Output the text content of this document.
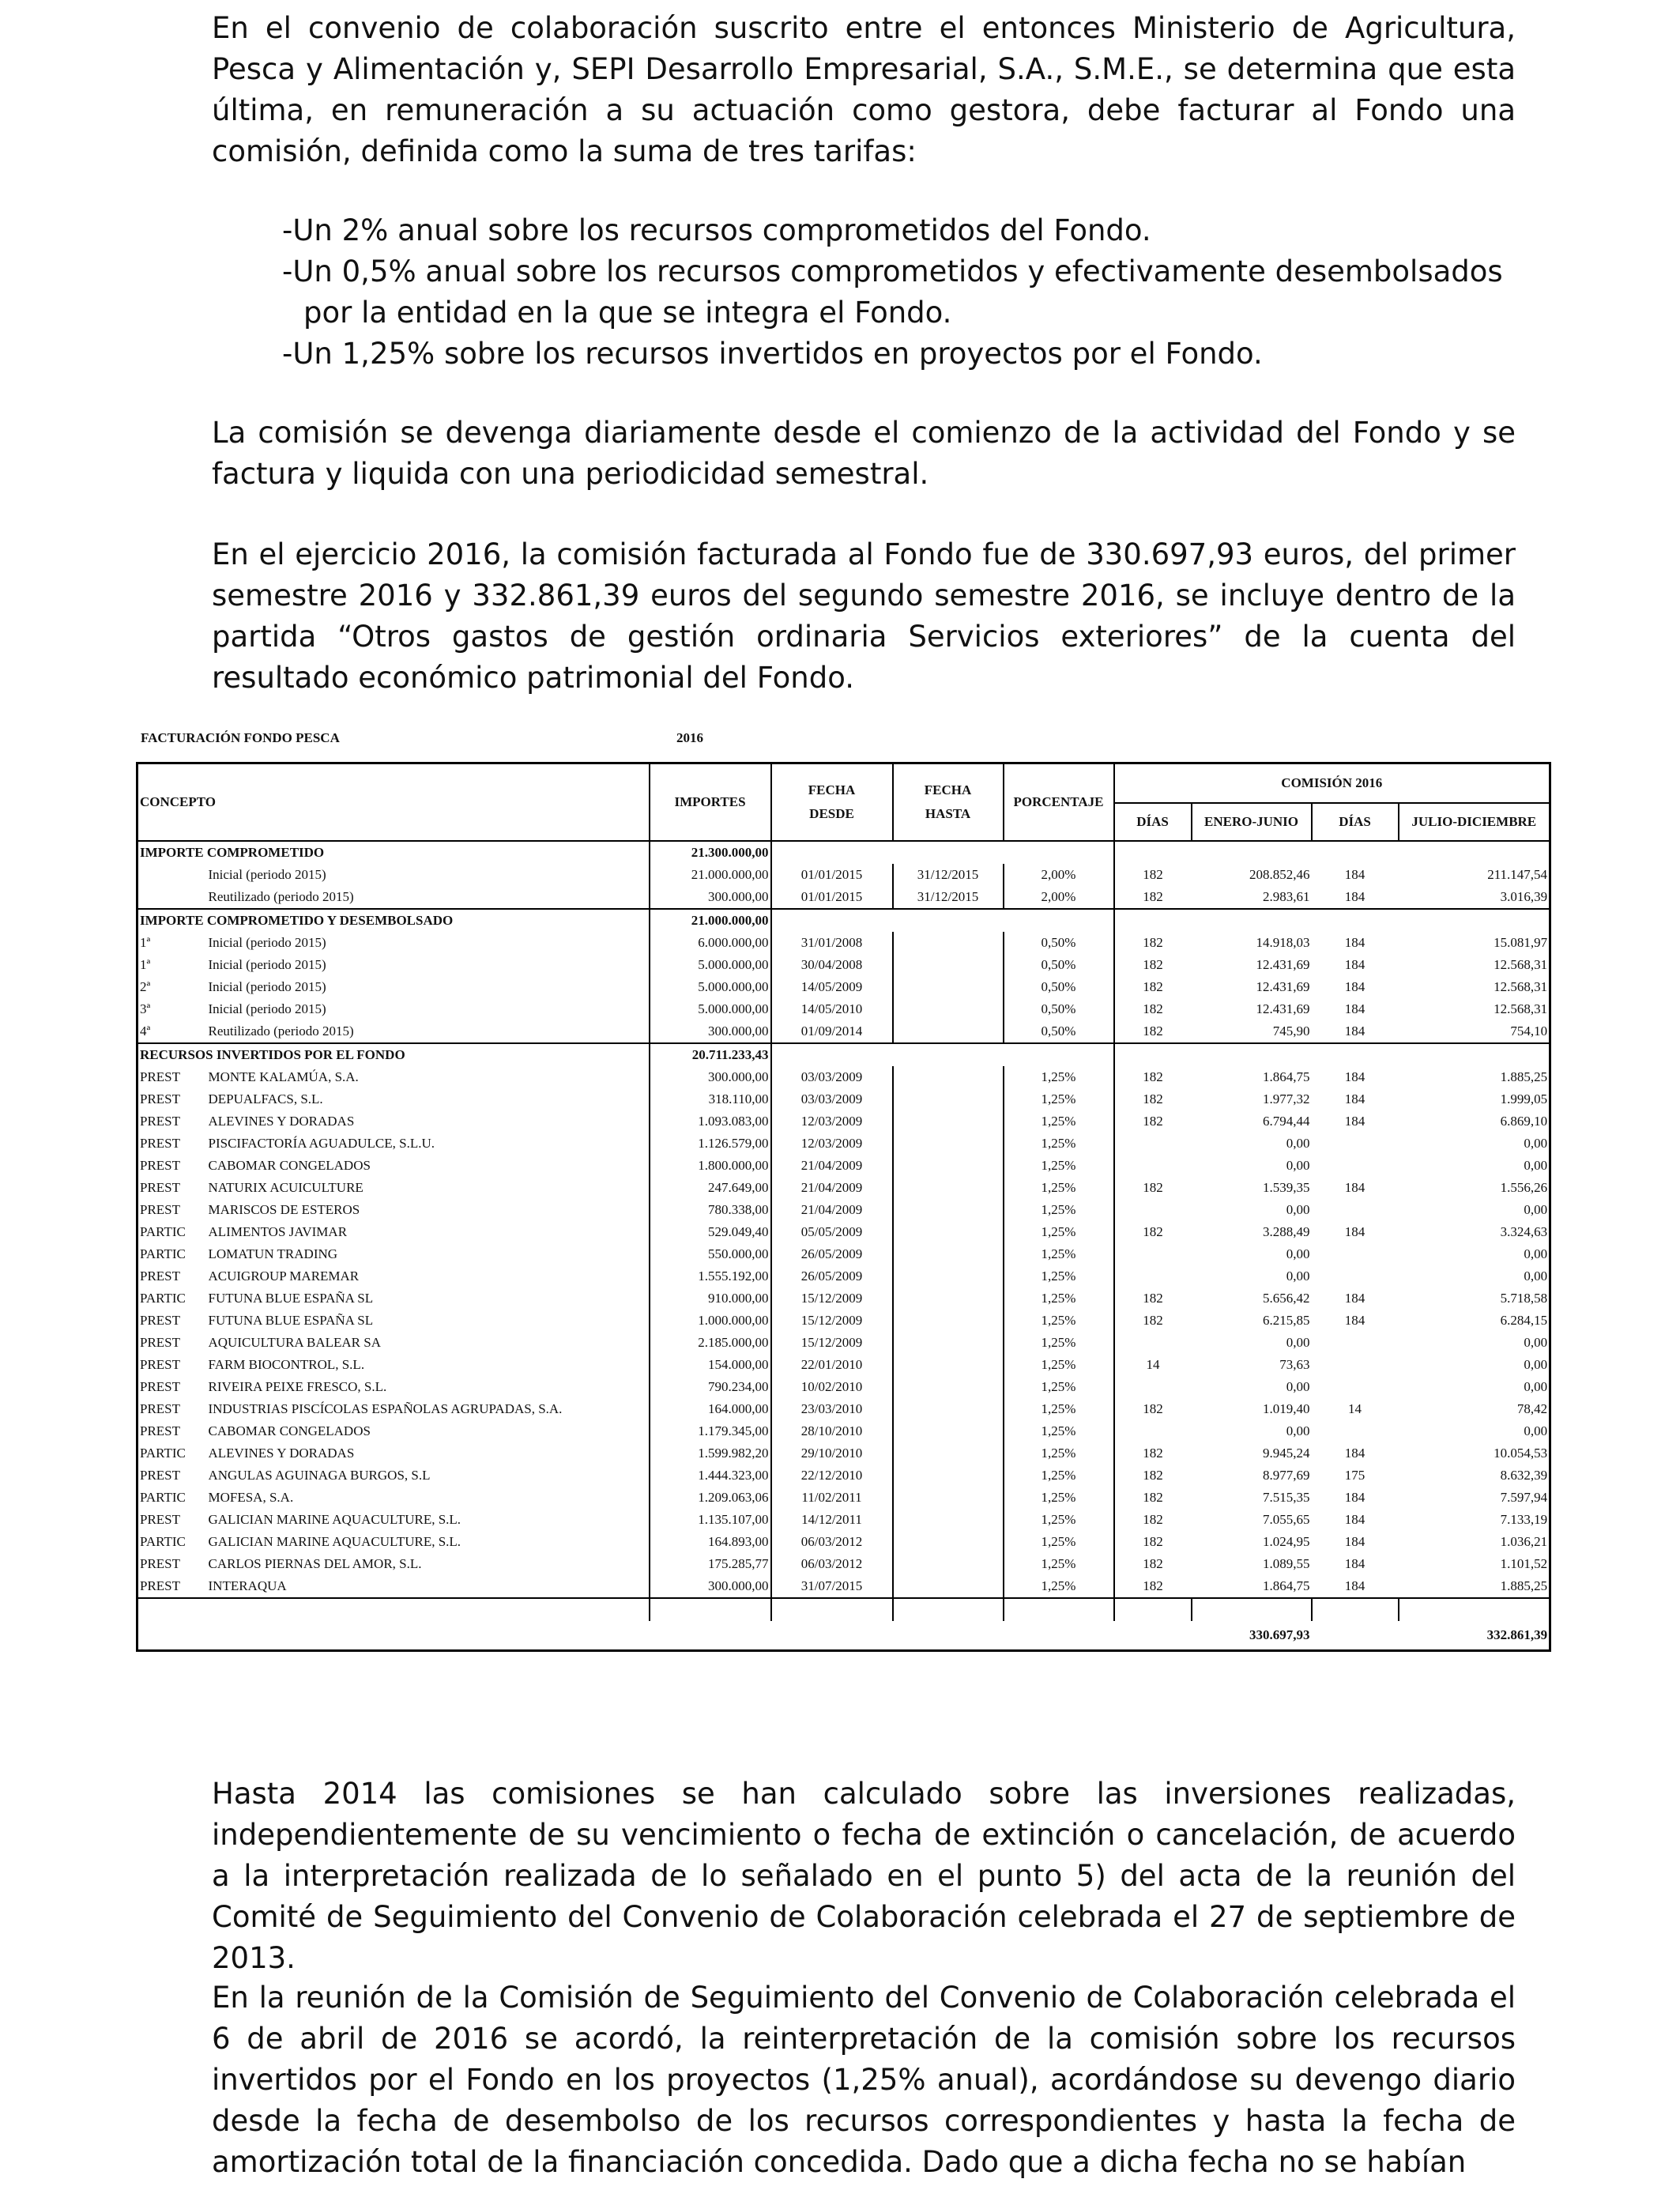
En el convenio de colaboración suscrito entre el entonces Ministerio de Agricultura, Pesca y Alimentación y, SEPI Desarrollo Empresarial, S.A., S.M.E., se determina que esta última, en remuneración a su actuación como gestora, debe facturar al Fondo una comisión, definida como la suma de tres tarifas:

-Un 2% anual sobre los recursos comprometidos del Fondo.

-Un 0,5% anual sobre los recursos comprometidos y efectivamente desembolsados
por la entidad en la que se integra el Fondo.

-Un 1,25% sobre los recursos invertidos en proyectos por el Fondo.

La comisión se devenga diariamente desde el comienzo de la actividad del Fondo y se factura y liquida con una periodicidad semestral.

En el ejercicio 2016, la comisión facturada al Fondo fue de 330.697,93 euros, del primer semestre 2016 y 332.861,39 euros del segundo semestre 2016, se incluye dentro de la partida “Otros gastos de gestión ordinaria Servicios exteriores” de la cuenta del resultado económico patrimonial del Fondo.

FACTURACIÓN FONDO PESCA	2016
CONCEPTO		IMPORTES	FECHA DESDE	FECHA HASTA	PORCENTAJE	COMISIÓN 2016			
						DÍAS	ENERO-JUNIO	DÍAS	JULIO-DICIEMBRE
IMPORTE COMPROMETIDO		21.300.000,00							
	Inicial (periodo 2015)	21.000.000,00	01/01/2015	31/12/2015	2,00%	182	208.852,46	184	211.147,54
	Reutilizado (periodo 2015)	300.000,00	01/01/2015	31/12/2015	2,00%	182	2.983,61	184	3.016,39
IMPORTE COMPROMETIDO Y DESEMBOLSADO		21.000.000,00							
1ª	Inicial (periodo 2015)	6.000.000,00	31/01/2008		0,50%	182	14.918,03	184	15.081,97
1ª	Inicial (periodo 2015)	5.000.000,00	30/04/2008		0,50%	182	12.431,69	184	12.568,31
2ª	Inicial (periodo 2015)	5.000.000,00	14/05/2009		0,50%	182	12.431,69	184	12.568,31
3ª	Inicial (periodo 2015)	5.000.000,00	14/05/2010		0,50%	182	12.431,69	184	12.568,31
4ª	Reutilizado (periodo 2015)	300.000,00	01/09/2014		0,50%	182	745,90	184	754,10
RECURSOS INVERTIDOS POR EL FONDO		20.711.233,43							
PREST	MONTE KALAMÚA, S.A.	300.000,00	03/03/2009		1,25%	182	1.864,75	184	1.885,25
PREST	DEPUALFACS, S.L.	318.110,00	03/03/2009		1,25%	182	1.977,32	184	1.999,05
PREST	ALEVINES Y DORADAS	1.093.083,00	12/03/2009		1,25%	182	6.794,44	184	6.869,10
PREST	PISCIFACTORÍA AGUADULCE, S.L.U.	1.126.579,00	12/03/2009		1,25%		0,00		0,00
PREST	CABOMAR CONGELADOS	1.800.000,00	21/04/2009		1,25%		0,00		0,00
PREST	NATURIX ACUICULTURE	247.649,00	21/04/2009		1,25%	182	1.539,35	184	1.556,26
PREST	MARISCOS DE ESTEROS	780.338,00	21/04/2009		1,25%		0,00		0,00
PARTIC	ALIMENTOS JAVIMAR	529.049,40	05/05/2009		1,25%	182	3.288,49	184	3.324,63
PARTIC	LOMATUN TRADING	550.000,00	26/05/2009		1,25%		0,00		0,00
PREST	ACUIGROUP MAREMAR	1.555.192,00	26/05/2009		1,25%		0,00		0,00
PARTIC	FUTUNA BLUE ESPAÑA SL	910.000,00	15/12/2009		1,25%	182	5.656,42	184	5.718,58
PREST	FUTUNA BLUE ESPAÑA SL	1.000.000,00	15/12/2009		1,25%	182	6.215,85	184	6.284,15
PREST	AQUICULTURA BALEAR SA	2.185.000,00	15/12/2009		1,25%		0,00		0,00
PREST	FARM BIOCONTROL, S.L.	154.000,00	22/01/2010		1,25%	14	73,63		0,00
PREST	RIVEIRA PEIXE FRESCO, S.L.	790.234,00	10/02/2010		1,25%		0,00		0,00
PREST	INDUSTRIAS PISCÍCOLAS ESPAÑOLAS AGRUPADAS, S.A.	164.000,00	23/03/2010		1,25%	182	1.019,40	14	78,42
PREST	CABOMAR CONGELADOS	1.179.345,00	28/10/2010		1,25%		0,00		0,00
PARTIC	ALEVINES Y DORADAS	1.599.982,20	29/10/2010		1,25%	182	9.945,24	184	10.054,53
PREST	ANGULAS AGUINAGA BURGOS, S.L	1.444.323,00	22/12/2010		1,25%	182	8.977,69	175	8.632,39
PARTIC	MOFESA, S.A.	1.209.063,06	11/02/2011		1,25%	182	7.515,35	184	7.597,94
PREST	GALICIAN MARINE AQUACULTURE, S.L.	1.135.107,00	14/12/2011		1,25%	182	7.055,65	184	7.133,19
PARTIC	GALICIAN MARINE AQUACULTURE, S.L.	164.893,00	06/03/2012		1,25%	182	1.024,95	184	1.036,21
PREST	CARLOS PIERNAS DEL AMOR, S.L.	175.285,77	06/03/2012		1,25%	182	1.089,55	184	1.101,52
PREST	INTERAQUA	300.000,00	31/07/2015		1,25%	182	1.864,75	184	1.885,25

							330.697,93		332.861,39

Hasta 2014 las comisiones se han calculado sobre las inversiones realizadas, independientemente de su vencimiento o fecha de extinción o cancelación, de acuerdo a la interpretación realizada de lo señalado en el punto 5) del acta de la reunión del Comité de Seguimiento del Convenio de Colaboración celebrada el 27 de septiembre de 2013.

En la reunión de la Comisión de Seguimiento del Convenio de Colaboración celebrada el 6 de abril de 2016 se acordó, la reinterpretación de la comisión sobre los recursos invertidos por el Fondo en los proyectos (1,25% anual), acordándose su devengo diario desde la fecha de desembolso de los recursos correspondientes y hasta la fecha de amortización total de la financiación concedida. Dado que a dicha fecha no se habían
